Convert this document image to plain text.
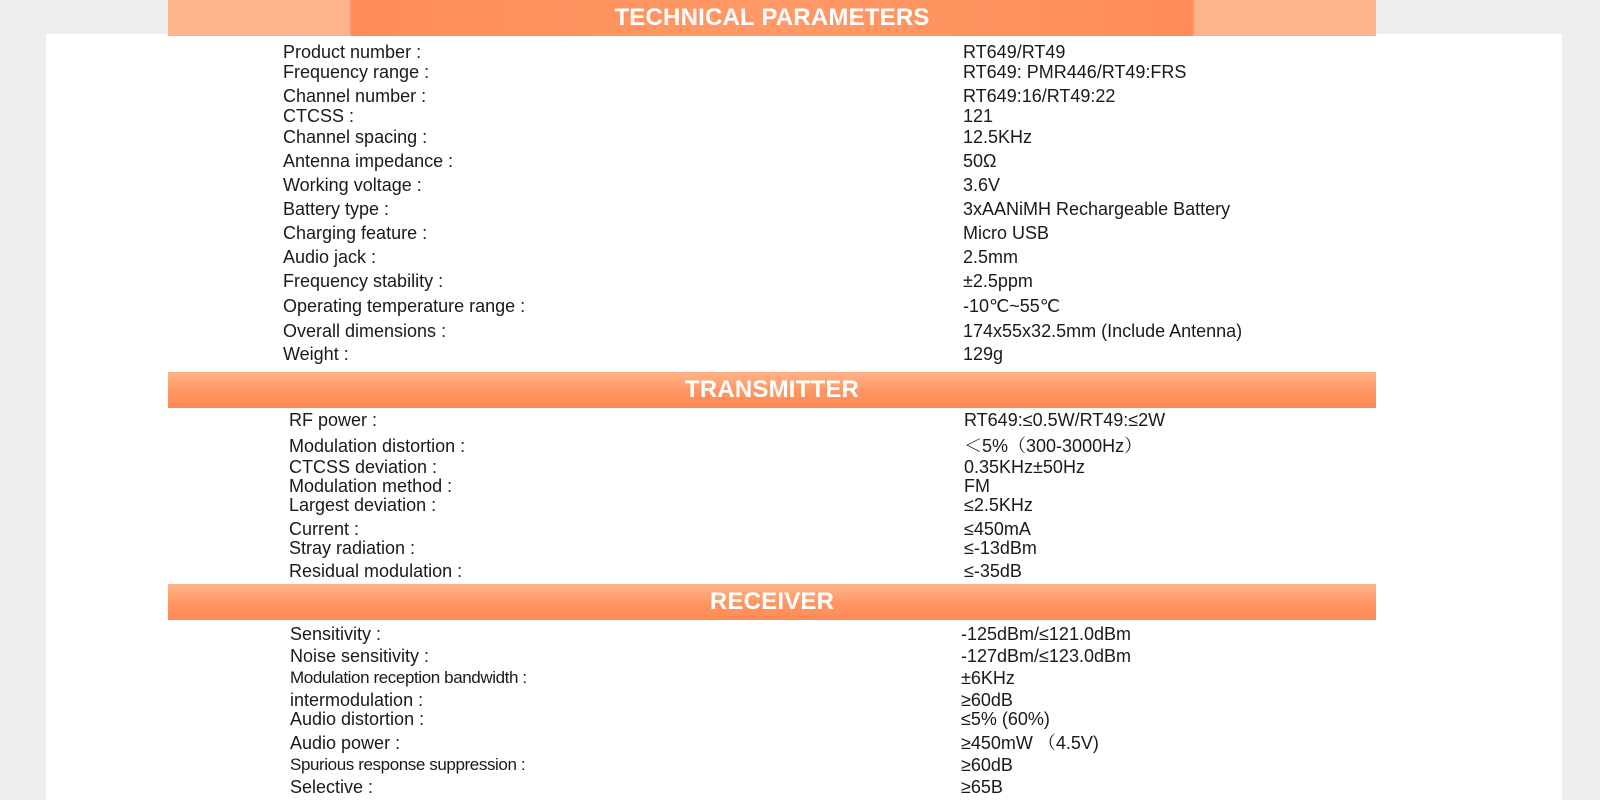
TECHNICAL PARAMETERS
Product number :	RT649/RT49
Frequency range :	RT649: PMR446/RT49:FRS
Channel number :	RT649:16/RT49:22
CTCSS :	121
Channel spacing :	12.5KHz
Antenna impedance :	50Ω
Working voltage :	3.6V
Battery type :	3xAANiMH Rechargeable Battery
Charging feature :	Micro USB
Audio jack :	2.5mm
Frequency stability :	±2.5ppm
Operating temperature range :	-10℃~55℃
Overall dimensions :	174x55x32.5mm (Include Antenna)
Weight :	129g
TRANSMITTER
RF power :	RT649:≤0.5W/RT49:≤2W
Modulation distortion :	＜5%（300-3000Hz）
CTCSS deviation :	0.35KHz±50Hz
Modulation method :	FM
Largest deviation :	≤2.5KHz
Current :	≤450mA
Stray radiation :	≤-13dBm
Residual modulation :	≤-35dB
RECEIVER
Sensitivity :	-125dBm/≤121.0dBm
Noise sensitivity :	-127dBm/≤123.0dBm
Modulation reception bandwidth :	±6KHz
intermodulation :	≥60dB
Audio distortion :	≤5% (60%)
Audio power :	≥450mW （4.5V)
Spurious response suppression :	≥60dB
Selective :	≥65B
